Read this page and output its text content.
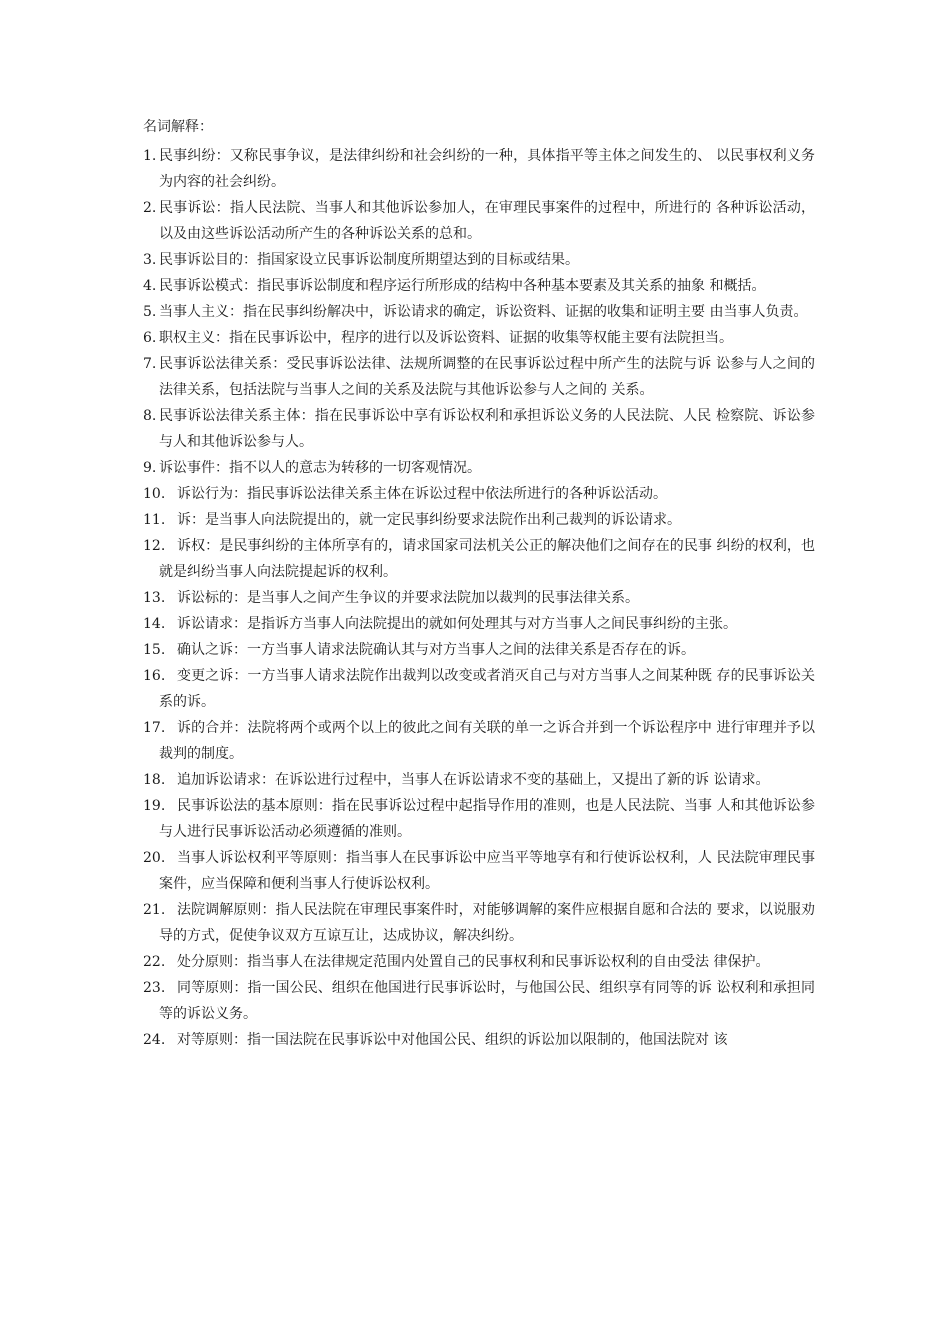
名词解释：
1. 民事纠纷：又称民事争议，是法律纠纷和社会纠纷的一种，具体指平等主体之间发生的、 以民事权利义务为内容的社会纠纷。
2. 民事诉讼：指人民法院、当事人和其他诉讼参加人，在审理民事案件的过程中，所进行的 各种诉讼活动，以及由这些诉讼活动所产生的各种诉讼关系的总和。
3. 民事诉讼目的：指国家设立民事诉讼制度所期望达到的目标或结果。
4. 民事诉讼模式：指民事诉讼制度和程序运行所形成的结构中各种基本要素及其关系的抽象 和概括。
5. 当事人主义：指在民事纠纷解决中，诉讼请求的确定，诉讼资料、证据的收集和证明主要 由当事人负责。
6. 职权主义：指在民事诉讼中，程序的进行以及诉讼资料、证据的收集等权能主要有法院担当。
7. 民事诉讼法律关系：受民事诉讼法律、法规所调整的在民事诉讼过程中所产生的法院与诉 讼参与人之间的法律关系，包括法院与当事人之间的关系及法院与其他诉讼参与人之间的 关系。
8. 民事诉讼法律关系主体：指在民事诉讼中享有诉讼权利和承担诉讼义务的人民法院、人民 检察院、诉讼参与人和其他诉讼参与人。
9. 诉讼事件：指不以人的意志为转移的一切客观情况。
10. 诉讼行为：指民事诉讼法律关系主体在诉讼过程中依法所进行的各种诉讼活动。
11. 诉：是当事人向法院提出的，就一定民事纠纷要求法院作出利己裁判的诉讼请求。
12. 诉权：是民事纠纷的主体所享有的，请求国家司法机关公正的解决他们之间存在的民事 纠纷的权利，也就是纠纷当事人向法院提起诉的权利。
13. 诉讼标的：是当事人之间产生争议的并要求法院加以裁判的民事法律关系。
14. 诉讼请求：是指诉方当事人向法院提出的就如何处理其与对方当事人之间民事纠纷的主张。
15. 确认之诉：一方当事人请求法院确认其与对方当事人之间的法律关系是否存在的诉。
16. 变更之诉：一方当事人请求法院作出裁判以改变或者消灭自己与对方当事人之间某种既 存的民事诉讼关系的诉。
17. 诉的合并：法院将两个或两个以上的彼此之间有关联的单一之诉合并到一个诉讼程序中 进行审理并予以裁判的制度。
18. 追加诉讼请求：在诉讼进行过程中，当事人在诉讼请求不变的基础上，又提出了新的诉 讼请求。
19. 民事诉讼法的基本原则：指在民事诉讼过程中起指导作用的准则，也是人民法院、当事 人和其他诉讼参与人进行民事诉讼活动必须遵循的准则。
20. 当事人诉讼权利平等原则：指当事人在民事诉讼中应当平等地享有和行使诉讼权利，人 民法院审理民事案件，应当保障和便利当事人行使诉讼权利。
21. 法院调解原则：指人民法院在审理民事案件时，对能够调解的案件应根据自愿和合法的 要求，以说服劝导的方式，促使争议双方互谅互让，达成协议，解决纠纷。
22. 处分原则：指当事人在法律规定范围内处置自己的民事权利和民事诉讼权利的自由受法 律保护。
23. 同等原则：指一国公民、组织在他国进行民事诉讼时，与他国公民、组织享有同等的诉 讼权利和承担同等的诉讼义务。
24. 对等原则：指一国法院在民事诉讼中对他国公民、组织的诉讼加以限制的，他国法院对 该
